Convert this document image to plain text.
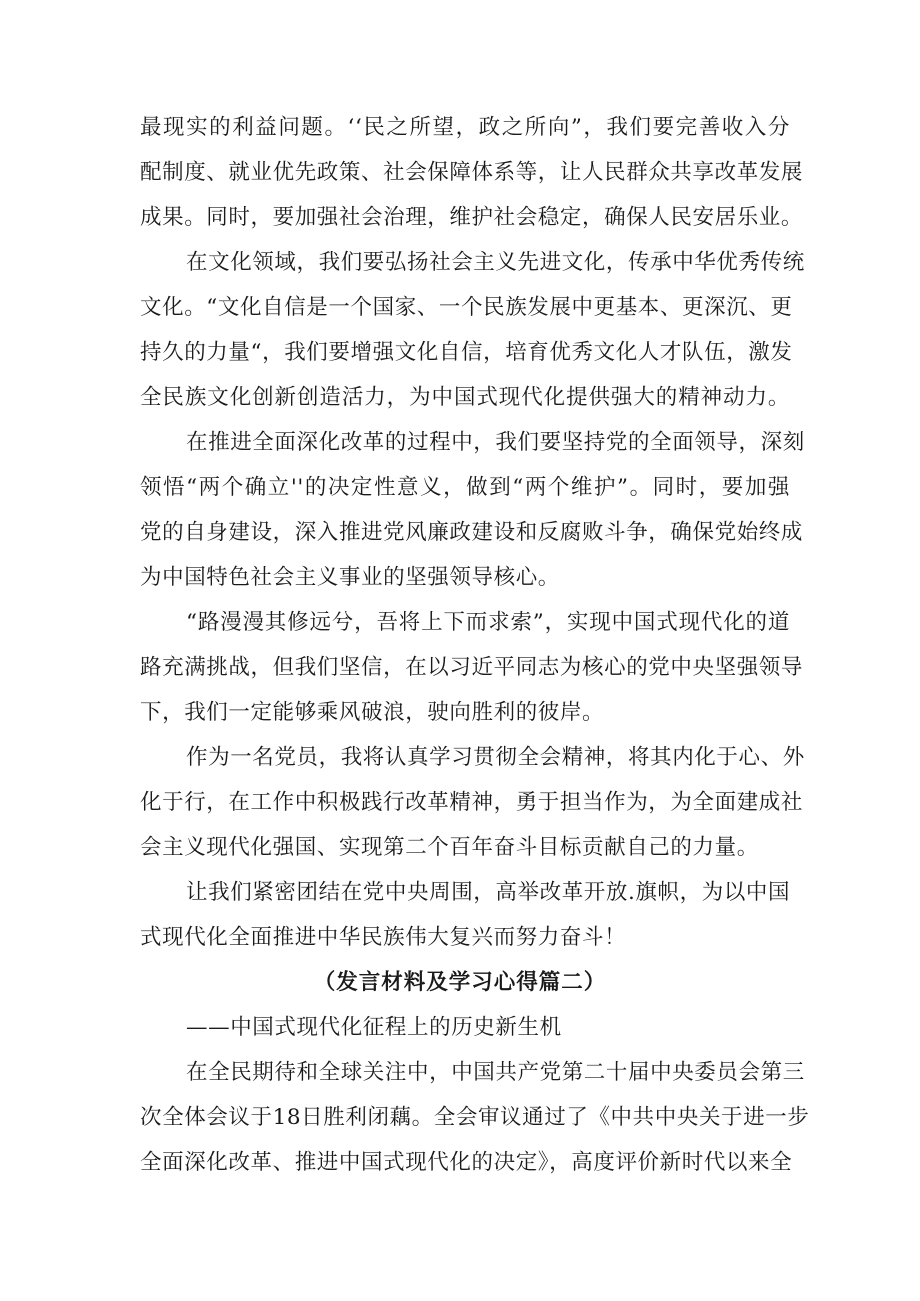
最现实的利益问题。‘‘民之所望，政之所向”，我们要完善收入分
配制度、就业优先政策、社会保障体系等，让人民群众共享改革发展
成果。同时，要加强社会治理，维护社会稳定，确保人民安居乐业。
在文化领域，我们要弘扬社会主义先进文化，传承中华优秀传统
文化。“文化自信是一个国家、一个民族发展中更基本、更深沉、更
持久的力量“，我们要增强文化自信，培育优秀文化人才队伍，激发
全民族文化创新创造活力，为中国式现代化提供强大的精神动力。
在推进全面深化改革的过程中，我们要坚持党的全面领导，深刻
领悟“两个确立''的决定性意义，做到“两个维护”。同时，要加强
党的自身建设，深入推进党风廉政建设和反腐败斗争，确保党始终成
为中国特色社会主义事业的坚强领导核心。
“路漫漫其修远兮，吾将上下而求索”，实现中国式现代化的道
路充满挑战，但我们坚信，在以习近平同志为核心的党中央坚强领导
下，我们一定能够乘风破浪，驶向胜利的彼岸。
作为一名党员，我将认真学习贯彻全会精神，将其内化于心、外
化于行，在工作中积极践行改革精神，勇于担当作为，为全面建成社
会主义现代化强国、实现第二个百年奋斗目标贡献自己的力量。
让我们紧密团结在党中央周围，高举改革开放.旗帜，为以中国
式现代化全面推进中华民族伟大复兴而努力奋斗！
（发言材料及学习心得篇二）
——中国式现代化征程上的历史新生机
在全民期待和全球关注中，中国共产党第二十届中央委员会第三
次全体会议于18日胜利闭藕。全会审议通过了《中共中央关于进一步
全面深化改革、推进中国式现代化的决定》，高度评价新时代以来全
